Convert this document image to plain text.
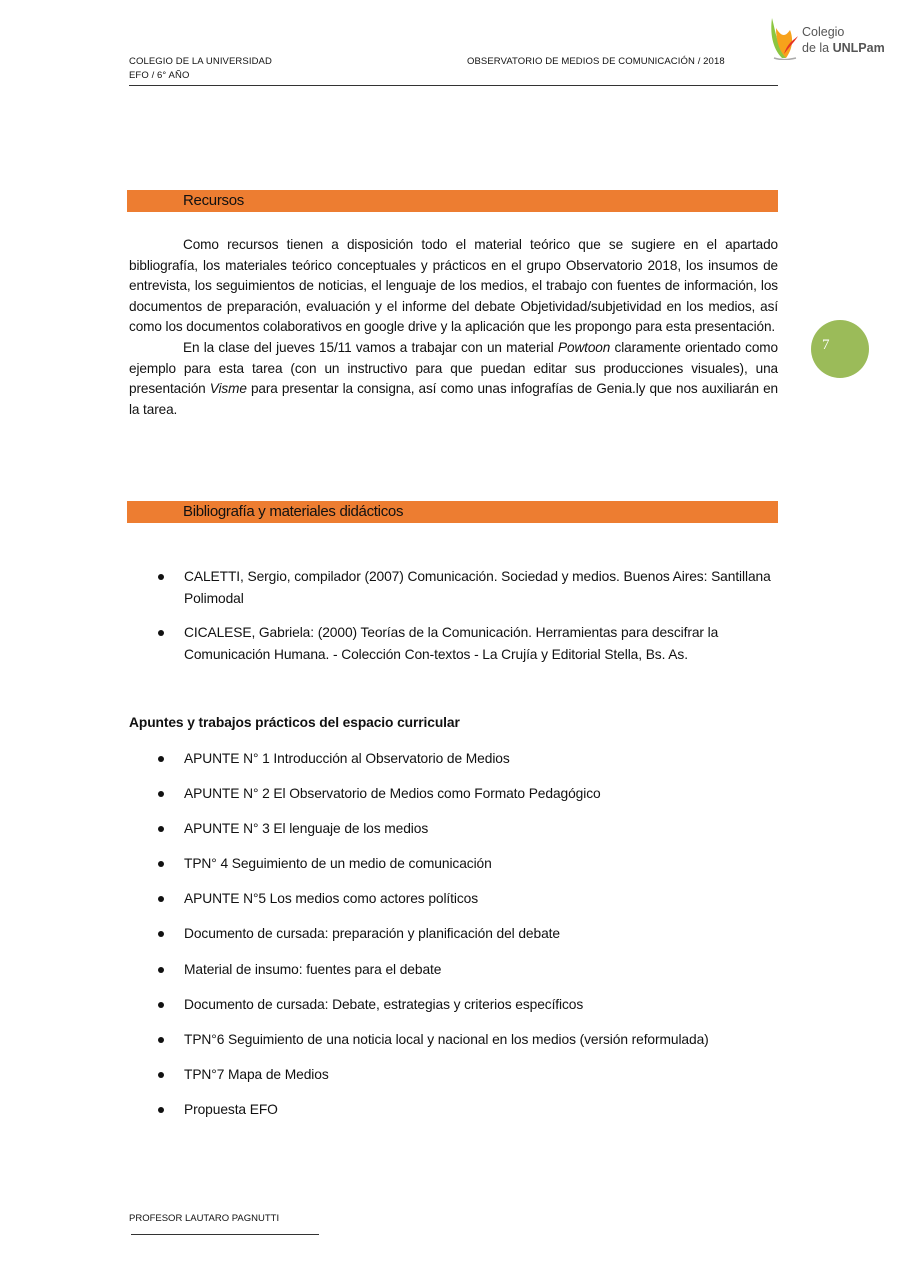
COLEGIO DE LA UNIVERSIDAD
EFO / 6° AÑO
OBSERVATORIO DE MEDIOS DE COMUNICACIÓN / 2018
Colegio
de la UNLPam
Recursos

Como recursos tienen a disposición todo el material teórico que se sugiere en el apartado bibliografía, los materiales teórico conceptuales y prácticos en el grupo Observatorio 2018, los insumos de entrevista, los seguimientos de noticias, el lenguaje de los medios, el trabajo con fuentes de información, los documentos de preparación, evaluación y el informe del debate Objetividad/subjetividad en los medios, así como los documentos colaborativos en google drive y la aplicación que les propongo para esta presentación.

En la clase del jueves 15/11 vamos a trabajar con un material Powtoon claramente orientado como ejemplo para esta tarea (con un instructivo para que puedan editar sus producciones visuales), una presentación Visme para presentar la consigna, así como unas infografías de Genia.ly que nos auxiliarán en la tarea.

7
Bibliografía y materiales didácticos
CALETTI, Sergio, compilador (2007) Comunicación. Sociedad y medios. Buenos Aires: Santillana Polimodal
CICALESE, Gabriela: (2000) Teorías de la Comunicación. Herramientas para descifrar la Comunicación Humana. - Colección Con-textos - La Crujía y Editorial Stella, Bs. As.
Apuntes y trabajos prácticos del espacio curricular
APUNTE N° 1 Introducción al Observatorio de Medios
APUNTE N° 2 El Observatorio de Medios como Formato Pedagógico
APUNTE N° 3 El lenguaje de los medios
TPN° 4 Seguimiento de un medio de comunicación
APUNTE N°5 Los medios como actores políticos
Documento de cursada: preparación y planificación del debate
Material de insumo: fuentes para el debate
Documento de cursada: Debate, estrategias y criterios específicos
TPN°6 Seguimiento de una noticia local y nacional en los medios (versión reformulada)
TPN°7 Mapa de Medios
Propuesta EFO
PROFESOR LAUTARO PAGNUTTI
